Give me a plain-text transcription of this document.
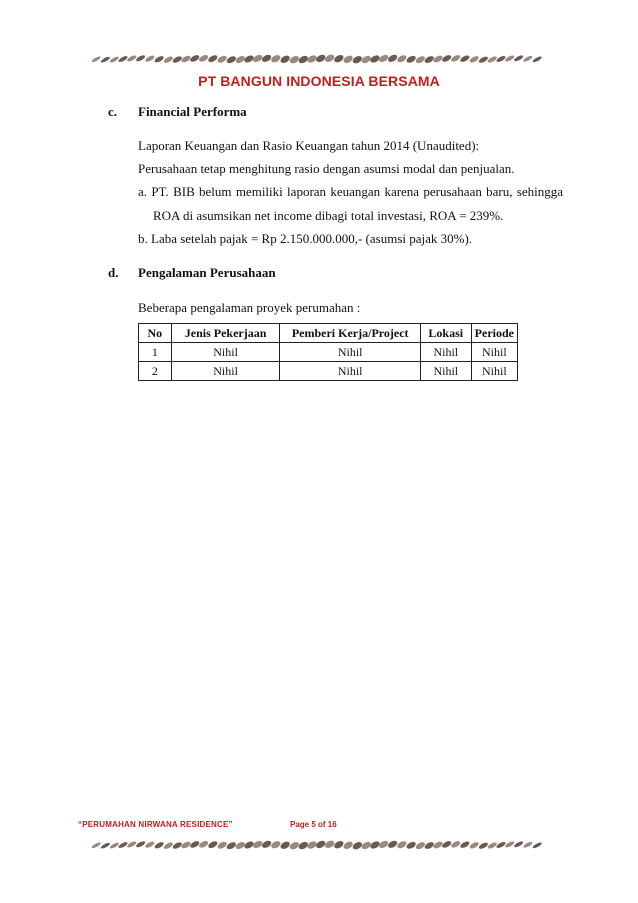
PT BANGUN INDONESIA BERSAMA
c. Financial Performa
Laporan Keuangan dan Rasio Keuangan tahun 2014 (Unaudited):
Perusahaan tetap menghitung rasio dengan asumsi modal dan penjualan.
a. PT. BIB belum memiliki laporan keuangan karena perusahaan baru, sehingga
ROA di asumsikan net income dibagi total investasi, ROA = 239%.
b. Laba setelah pajak = Rp 2.150.000.000,- (asumsi pajak 30%).
d. Pengalaman Perusahaan
Beberapa pengalaman proyek perumahan :
No	Jenis Pekerjaan	Pemberi Kerja/Project	Lokasi	Periode
1	Nihil	Nihil	Nihil	Nihil
2	Nihil	Nihil	Nihil	Nihil
“PERUMAHAN NIRWANA RESIDENCE”	Page 5 of 16
